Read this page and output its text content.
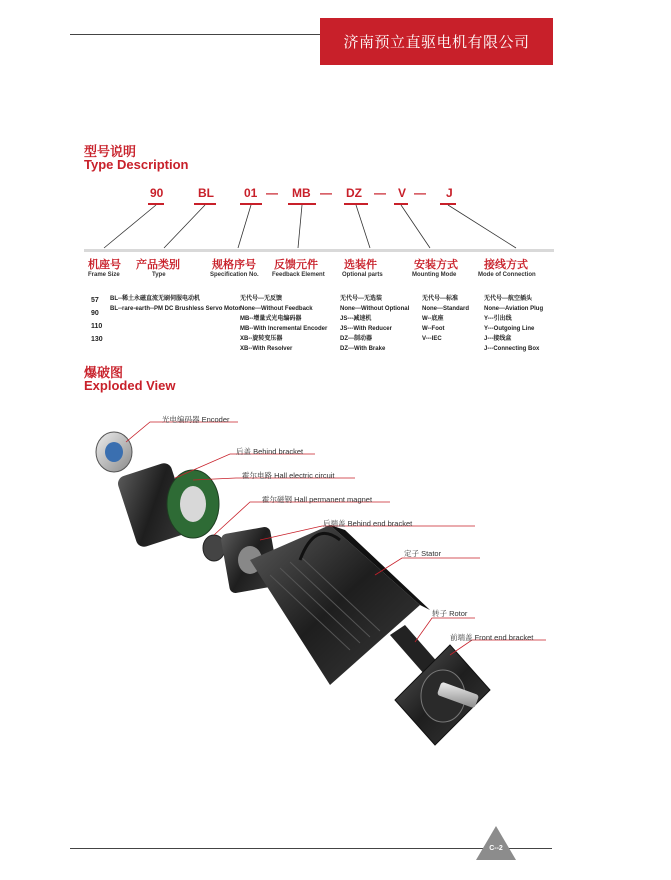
济南预立直驱电机有限公司
型号说明
Type Description
90	BL	01 — MB — DZ — V — J
机座号
Frame Size
产品类别
Type
规格序号
Specification No.
反馈元件
Feedback Element
选装件
Optional parts
安装方式
Mounting Mode
接线方式
Mode of Connection
57
90
110
130
BL--稀土永磁直流无刷伺服电动机
BL--rare-earth--PM DC Brushless Servo Motor
无代号---无反馈
None---Without Feedback
MB--增量式光电编码器
MB--With Incremental Encoder
XB--旋转变压器
XB--With Resolver
无代号---无选装
None---Without Optional
JS---减速机
JS---With Reducer
DZ---制动器
DZ---With Brake
无代号---标准
None---Standard
W--底座
W--Foot
V---IEC
无代号---航空插头
None---Aviation Plug
Y---引出线
Y---Outgoing Line
J---接线盒
J---Connecting Box
爆破图
Exploded View
光电编码器 Encoder
后盖 Behind bracket
霍尔电路 Hall electric circuit
霍尔磁钢 Hall permanent magnet
后端盖 Behind end bracket
定子 Stator
转子 Rotor
前端盖 Front end bracket
C--2
